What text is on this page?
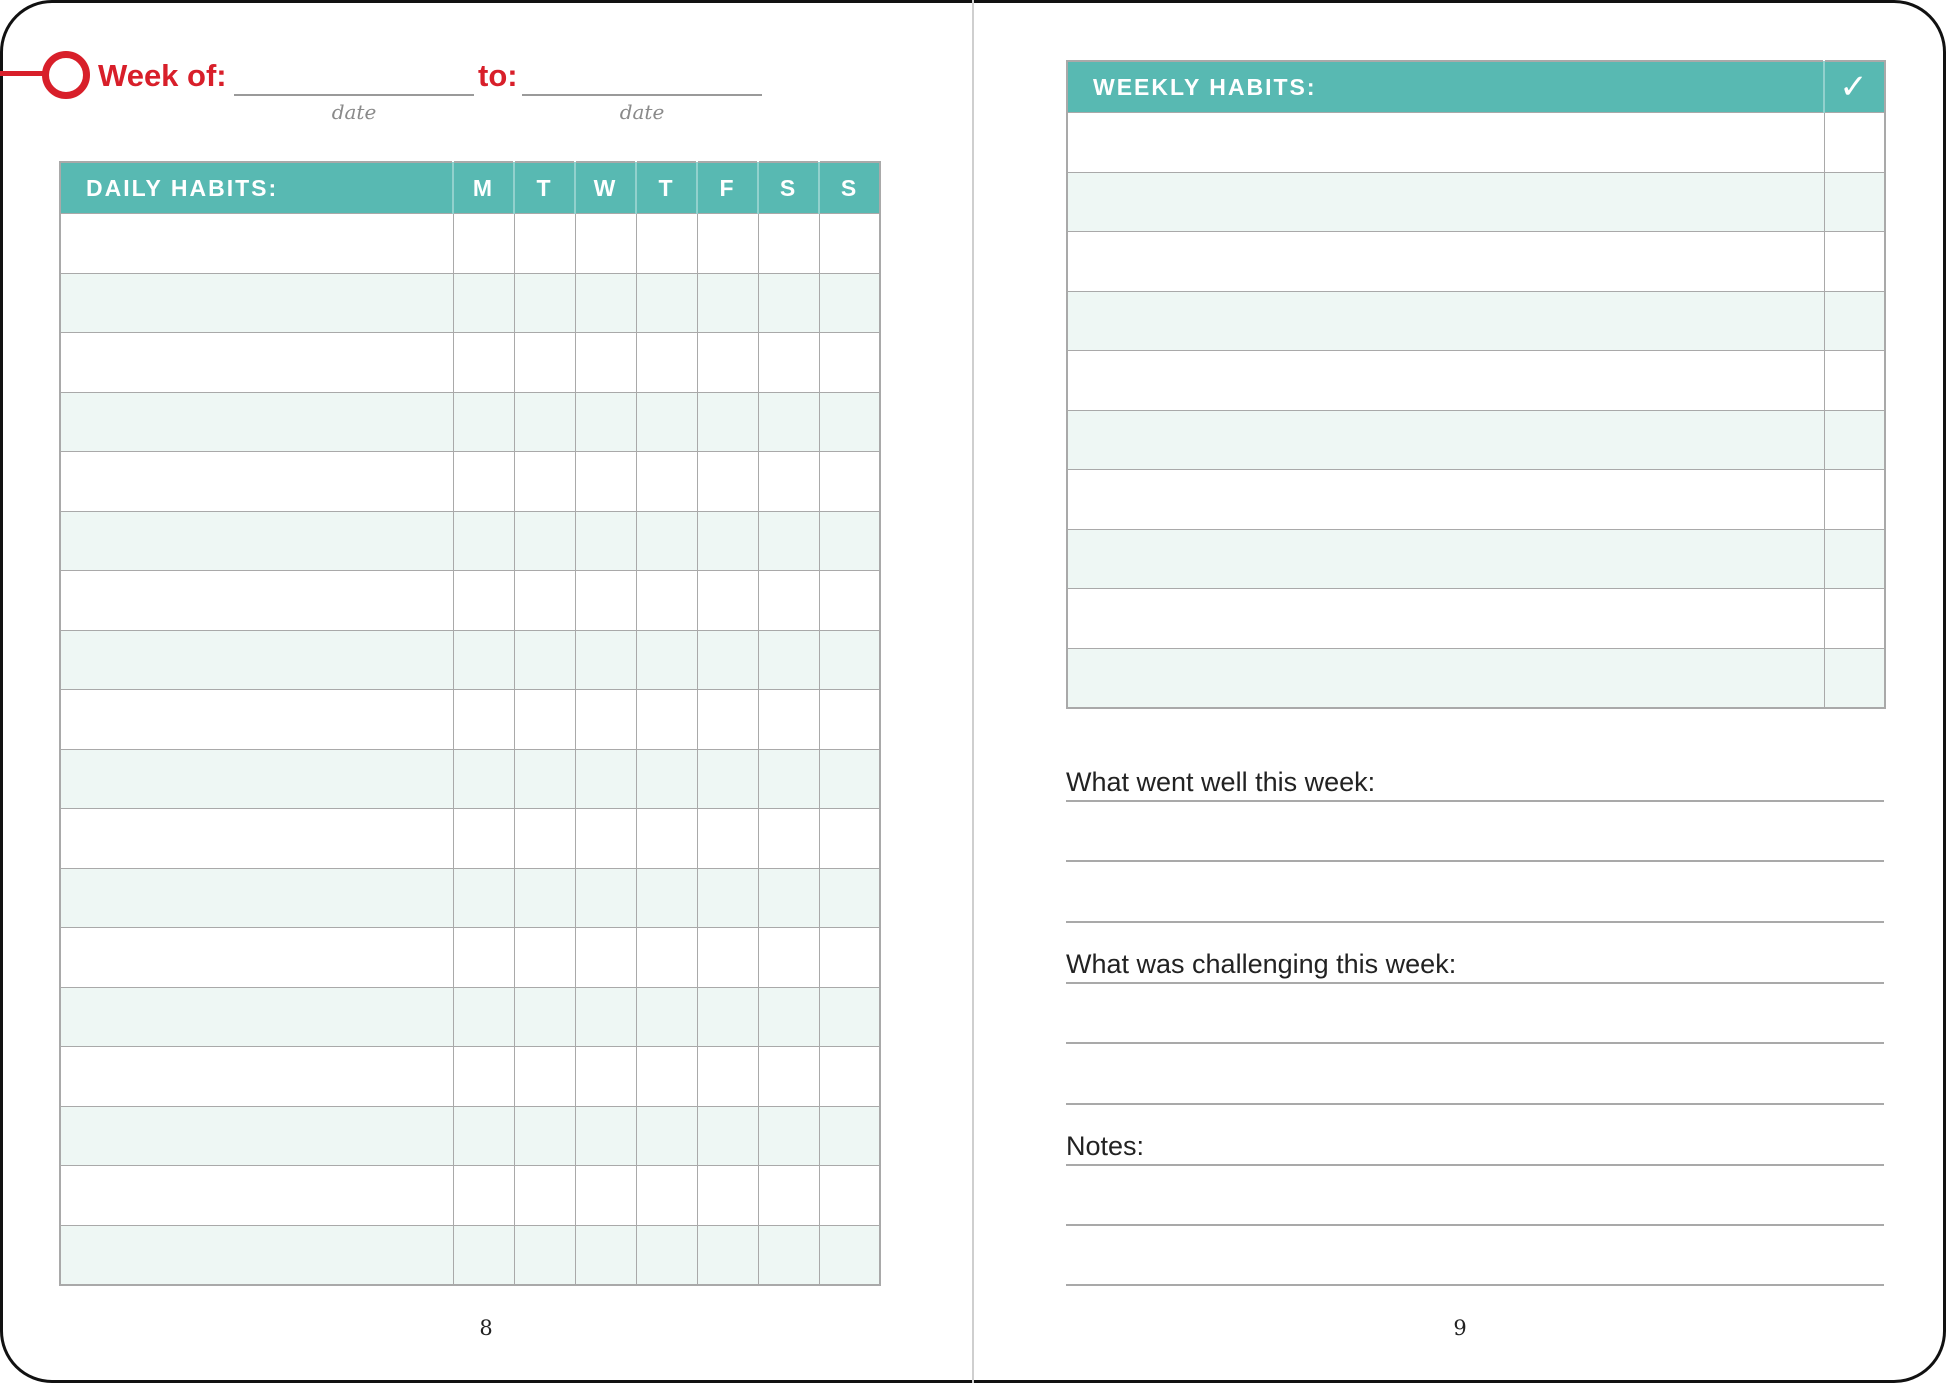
Week of:
date
to:
date
DAILY HABITS:	M	T	W	T	F	S	S

8
WEEKLY HABITS:	✓

What went well this week:
What was challenging this week:
Notes:
9
